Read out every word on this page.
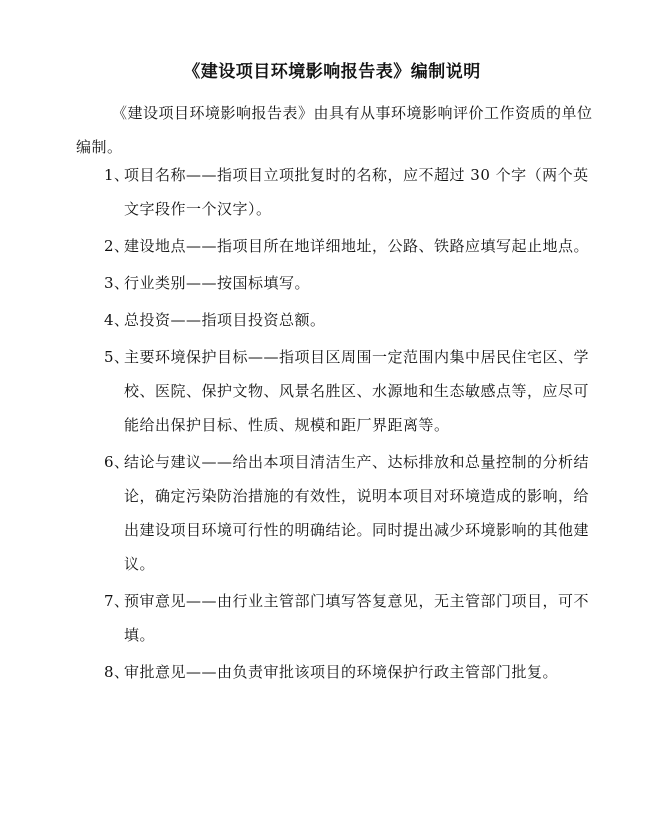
《建设项目环境影响报告表》编制说明
《建设项目环境影响报告表》由具有从事环境影响评价工作资质的单位编制。
1、
项目名称——指项目立项批复时的名称，应不超过 30 个字（两个英文字段作一个汉字）。
2、
建设地点——指项目所在地详细地址，公路、铁路应填写起止地点。
3、
行业类别——按国标填写。
4、
总投资——指项目投资总额。
5、
主要环境保护目标——指项目区周围一定范围内集中居民住宅区、学校、医院、保护文物、风景名胜区、水源地和生态敏感点等，应尽可能给出保护目标、性质、规模和距厂界距离等。
6、
结论与建议——给出本项目清洁生产、达标排放和总量控制的分析结论，确定污染防治措施的有效性，说明本项目对环境造成的影响，给出建设项目环境可行性的明确结论。同时提出减少环境影响的其他建议。
7、
预审意见——由行业主管部门填写答复意见，无主管部门项目，可不填。
8、
审批意见——由负责审批该项目的环境保护行政主管部门批复。
